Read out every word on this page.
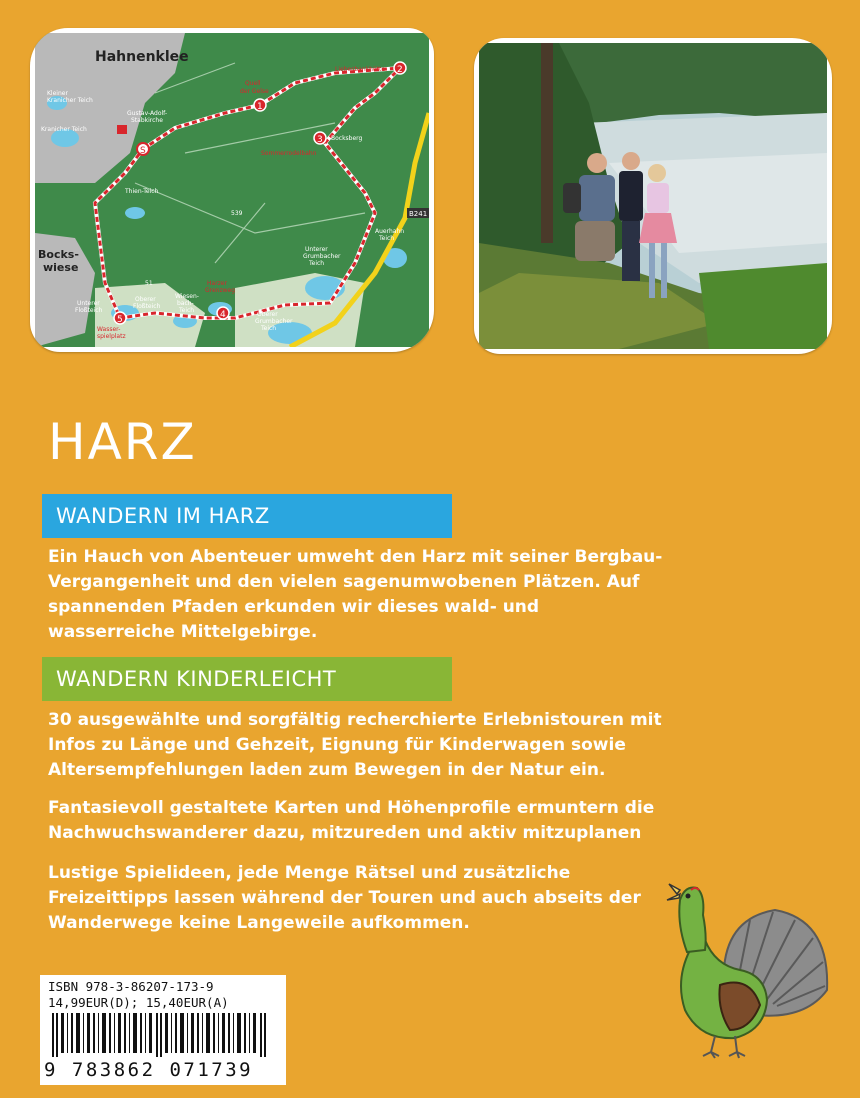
1
2
3
4
5
S
Hahnenklee
Bocks-
wiese
Kleiner
Kranicher Teich
Kranicher Teich
Gustav-Adolf-
Stabkirche
Thien-Teich
Quell
der Gelse
Liebesbankhütte
Bocksberg
Sommerrodelbahn
Auerhahn
Teich
Unterer
Grumbacher
Teich
Oberer
Grumbacher
Teich
Harzer
Grenzweg
Unterer
Floßteich
Oberer
Floßteich
Wiesen-
bach-
Teich
Wasser-
spielplatz
B241
539
51
HARZ
WANDERN IM HARZ

Ein Hauch von Abenteuer umweht den Harz mit seiner Bergbau-Vergangenheit und den vielen sagenumwobenen Plätzen. Auf spannenden Pfaden erkunden wir dieses wald- und wasserreiche Mittelgebirge.

WANDERN KINDERLEICHT

30 ausgewählte und sorgfältig recherchierte Erlebnistouren mit Infos zu Länge und Gehzeit, Eignung für Kinderwagen sowie Altersempfehlungen laden zum Bewegen in der Natur ein.

Fantasievoll gestaltete Karten und Höhenprofile ermuntern die Nachwuchswanderer dazu, mitzureden und aktiv mitzuplanen

Lustige Spielideen, jede Menge Rätsel und zusätzliche Freizeittipps lassen während der Touren und auch abseits der Wanderwege keine Langeweile aufkommen.

ISBN 978-3-86207-173-9
14,99EUR(D); 15,40EUR(A)
9 783862 071739
